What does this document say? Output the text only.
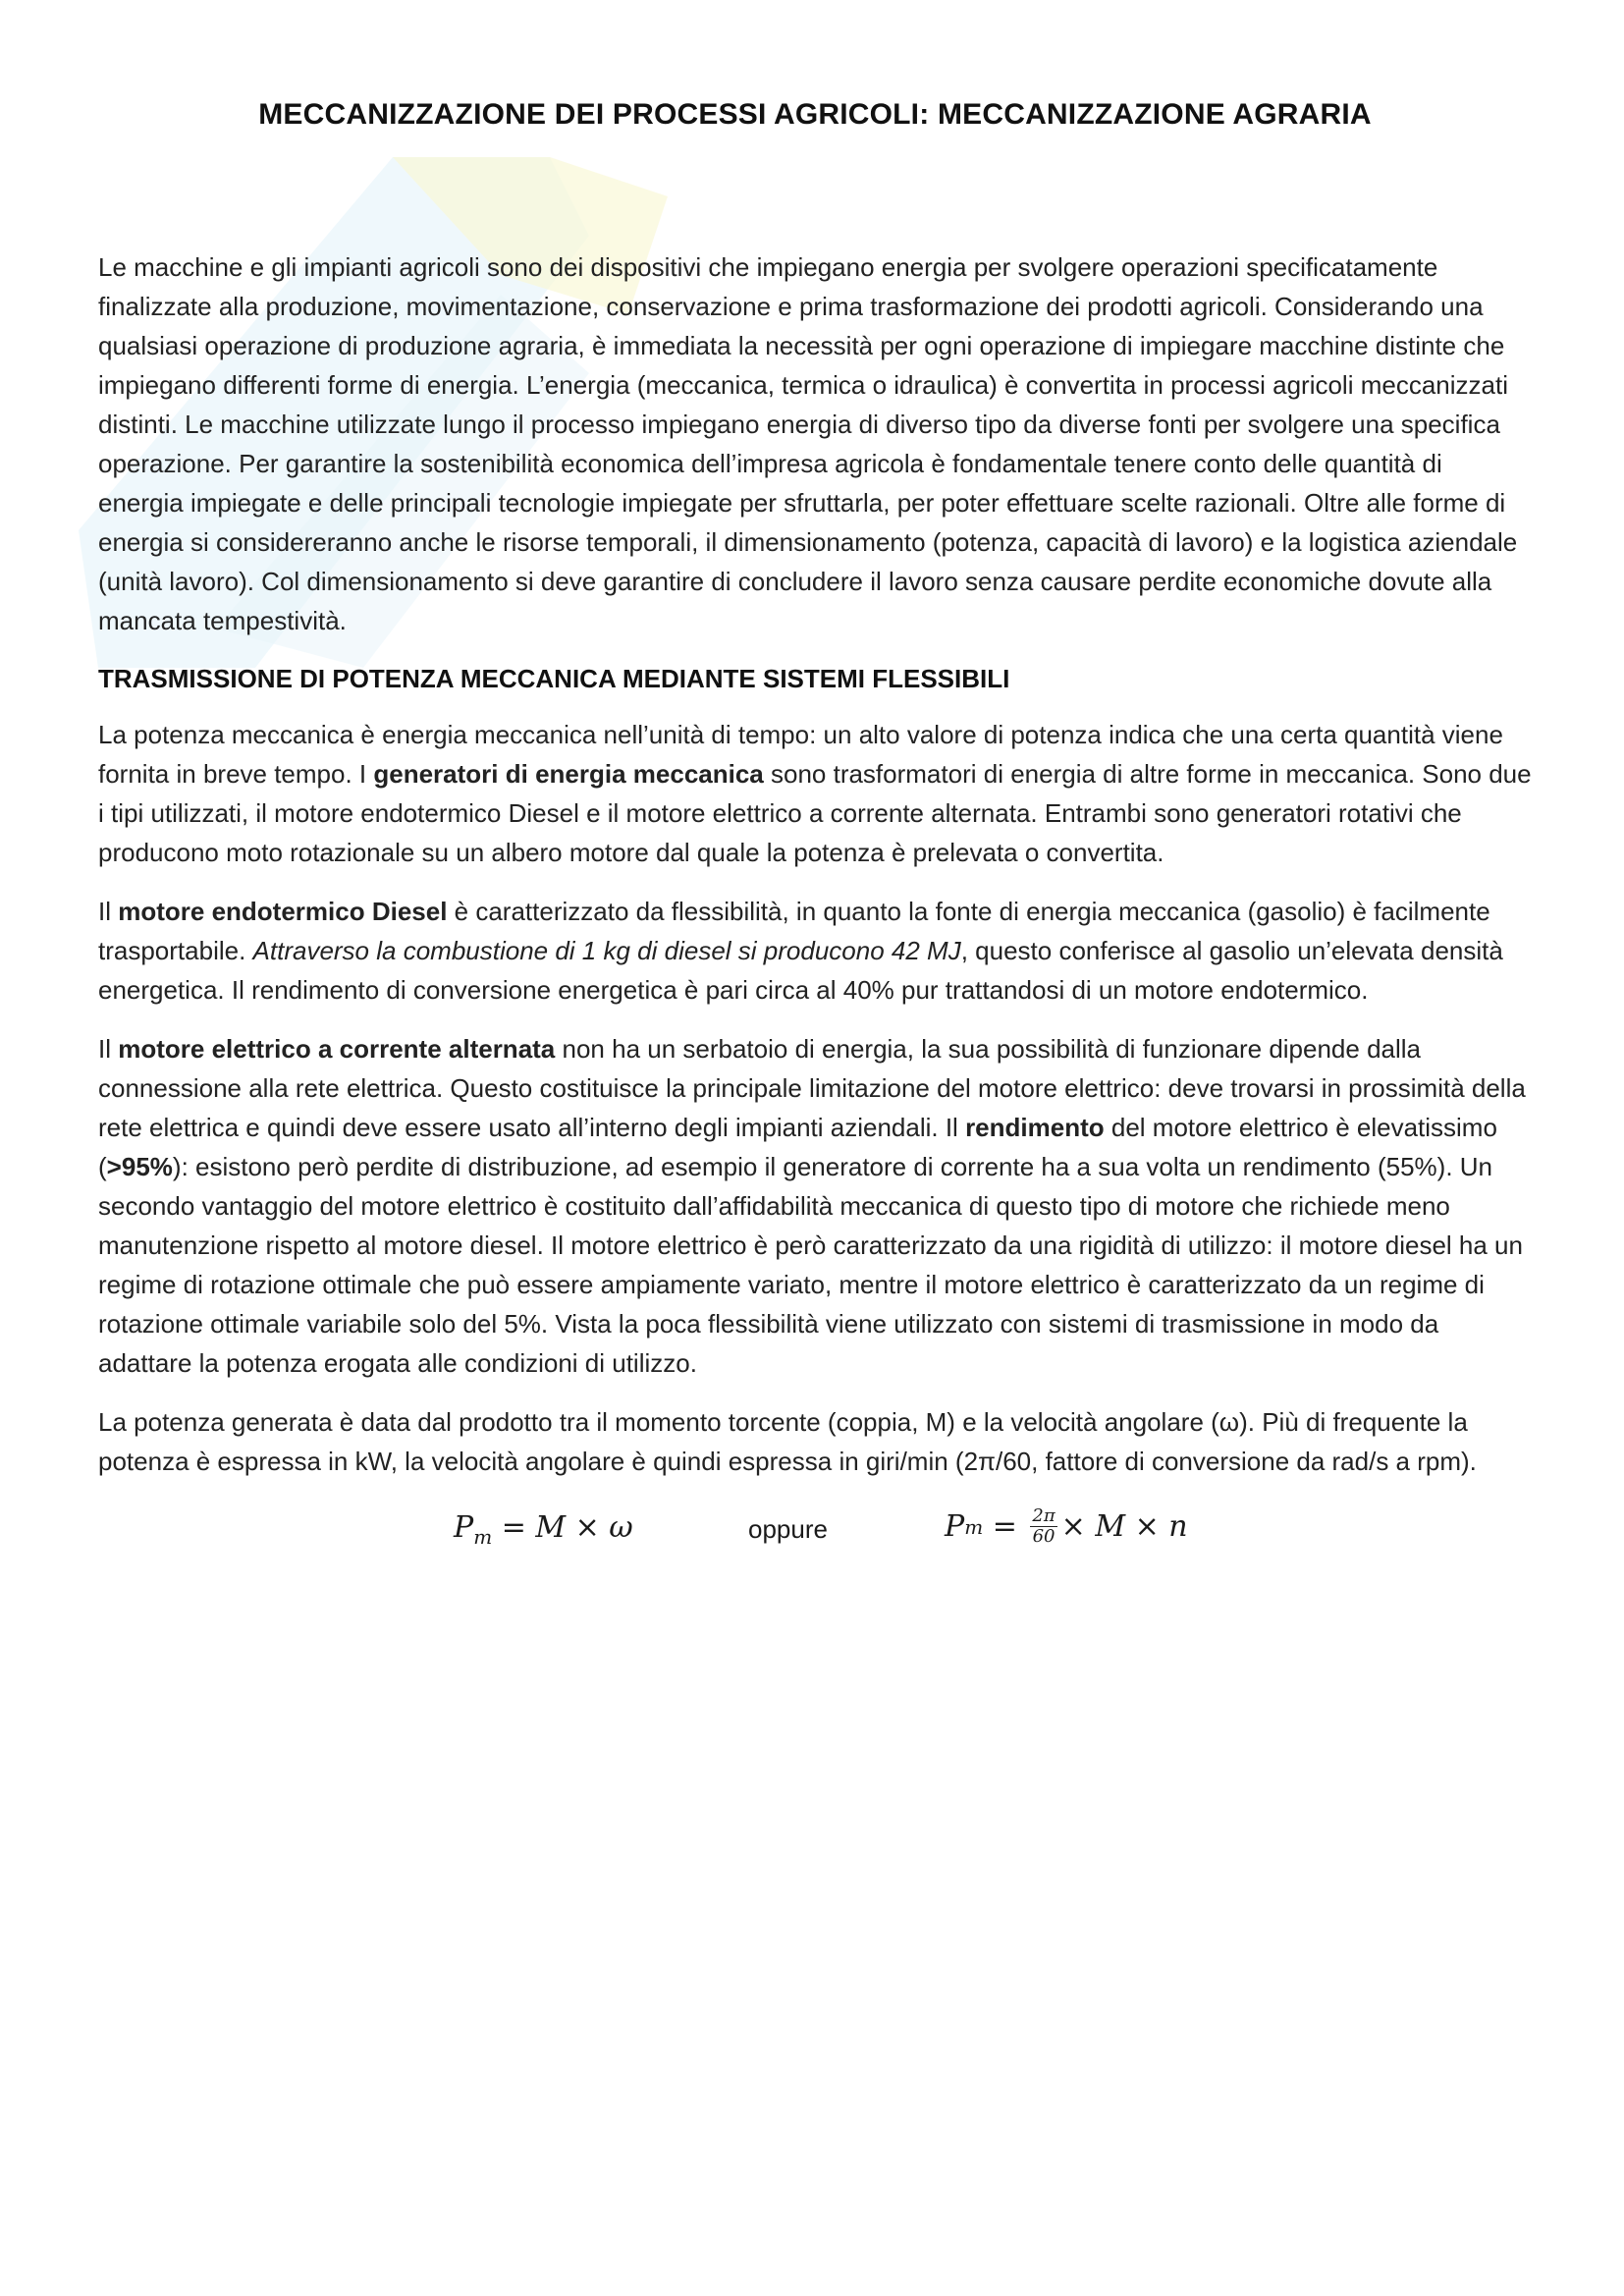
MECCANIZZAZIONE DEI PROCESSI AGRICOLI: MECCANIZZAZIONE AGRARIA

Le macchine e gli impianti agricoli sono dei dispositivi che impiegano energia per svolgere operazioni specificatamente finalizzate alla produzione, movimentazione, conservazione e prima trasformazione dei prodotti agricoli. Considerando una qualsiasi operazione di produzione agraria, è immediata la necessità per ogni operazione di impiegare macchine distinte che impiegano differenti forme di energia. L’energia (meccanica, termica o idraulica) è convertita in processi agricoli meccanizzati distinti. Le macchine utilizzate lungo il processo impiegano energia di diverso tipo da diverse fonti per svolgere una specifica operazione. Per garantire la sostenibilità economica dell’impresa agricola è fondamentale tenere conto delle quantità di energia impiegate e delle principali tecnologie impiegate per sfruttarla, per poter effettuare scelte razionali. Oltre alle forme di energia si considereranno anche le risorse temporali, il dimensionamento (potenza, capacità di lavoro) e la logistica aziendale (unità lavoro). Col dimensionamento si deve garantire di concludere il lavoro senza causare perdite economiche dovute alla mancata tempestività.

TRASMISSIONE DI POTENZA MECCANICA MEDIANTE SISTEMI FLESSIBILI

La potenza meccanica è energia meccanica nell’unità di tempo: un alto valore di potenza indica che una certa quantità viene fornita in breve tempo. I generatori di energia meccanica sono trasformatori di energia di altre forme in meccanica. Sono due i tipi utilizzati, il motore endotermico Diesel e il motore elettrico a corrente alternata. Entrambi sono generatori rotativi che producono moto rotazionale su un albero motore dal quale la potenza è prelevata o convertita.

Il motore endotermico Diesel è caratterizzato da flessibilità, in quanto la fonte di energia meccanica (gasolio) è facilmente trasportabile. Attraverso la combustione di 1 kg di diesel si producono 42 MJ, questo conferisce al gasolio un’elevata densità energetica. Il rendimento di conversione energetica è pari circa al 40% pur trattandosi di un motore endotermico.

Il motore elettrico a corrente alternata non ha un serbatoio di energia, la sua possibilità di funzionare dipende dalla connessione alla rete elettrica. Questo costituisce la principale limitazione del motore elettrico: deve trovarsi in prossimità della rete elettrica e quindi deve essere usato all’interno degli impianti aziendali. Il rendimento del motore elettrico è elevatissimo (>95%): esistono però perdite di distribuzione, ad esempio il generatore di corrente ha a sua volta un rendimento (55%). Un secondo vantaggio del motore elettrico è costituito dall’affidabilità meccanica di questo tipo di motore che richiede meno manutenzione rispetto al motore diesel. Il motore elettrico è però caratterizzato da una rigidità di utilizzo: il motore diesel ha un regime di rotazione ottimale che può essere ampiamente variato, mentre il motore elettrico è caratterizzato da un regime di rotazione ottimale variabile solo del 5%. Vista la poca flessibilità viene utilizzato con sistemi di trasmissione in modo da adattare la potenza erogata alle condizioni di utilizzo.

La potenza generata è data dal prodotto tra il momento torcente (coppia, M) e la velocità angolare (ω). Più di frequente la potenza è espressa in kW, la velocità angolare è quindi espressa in giri/min (2π/60, fattore di conversione da rad/s a rpm).

$P_m = M \times \omega$	oppure	P $m = \frac{2\pi}{60} \times M \times n$
